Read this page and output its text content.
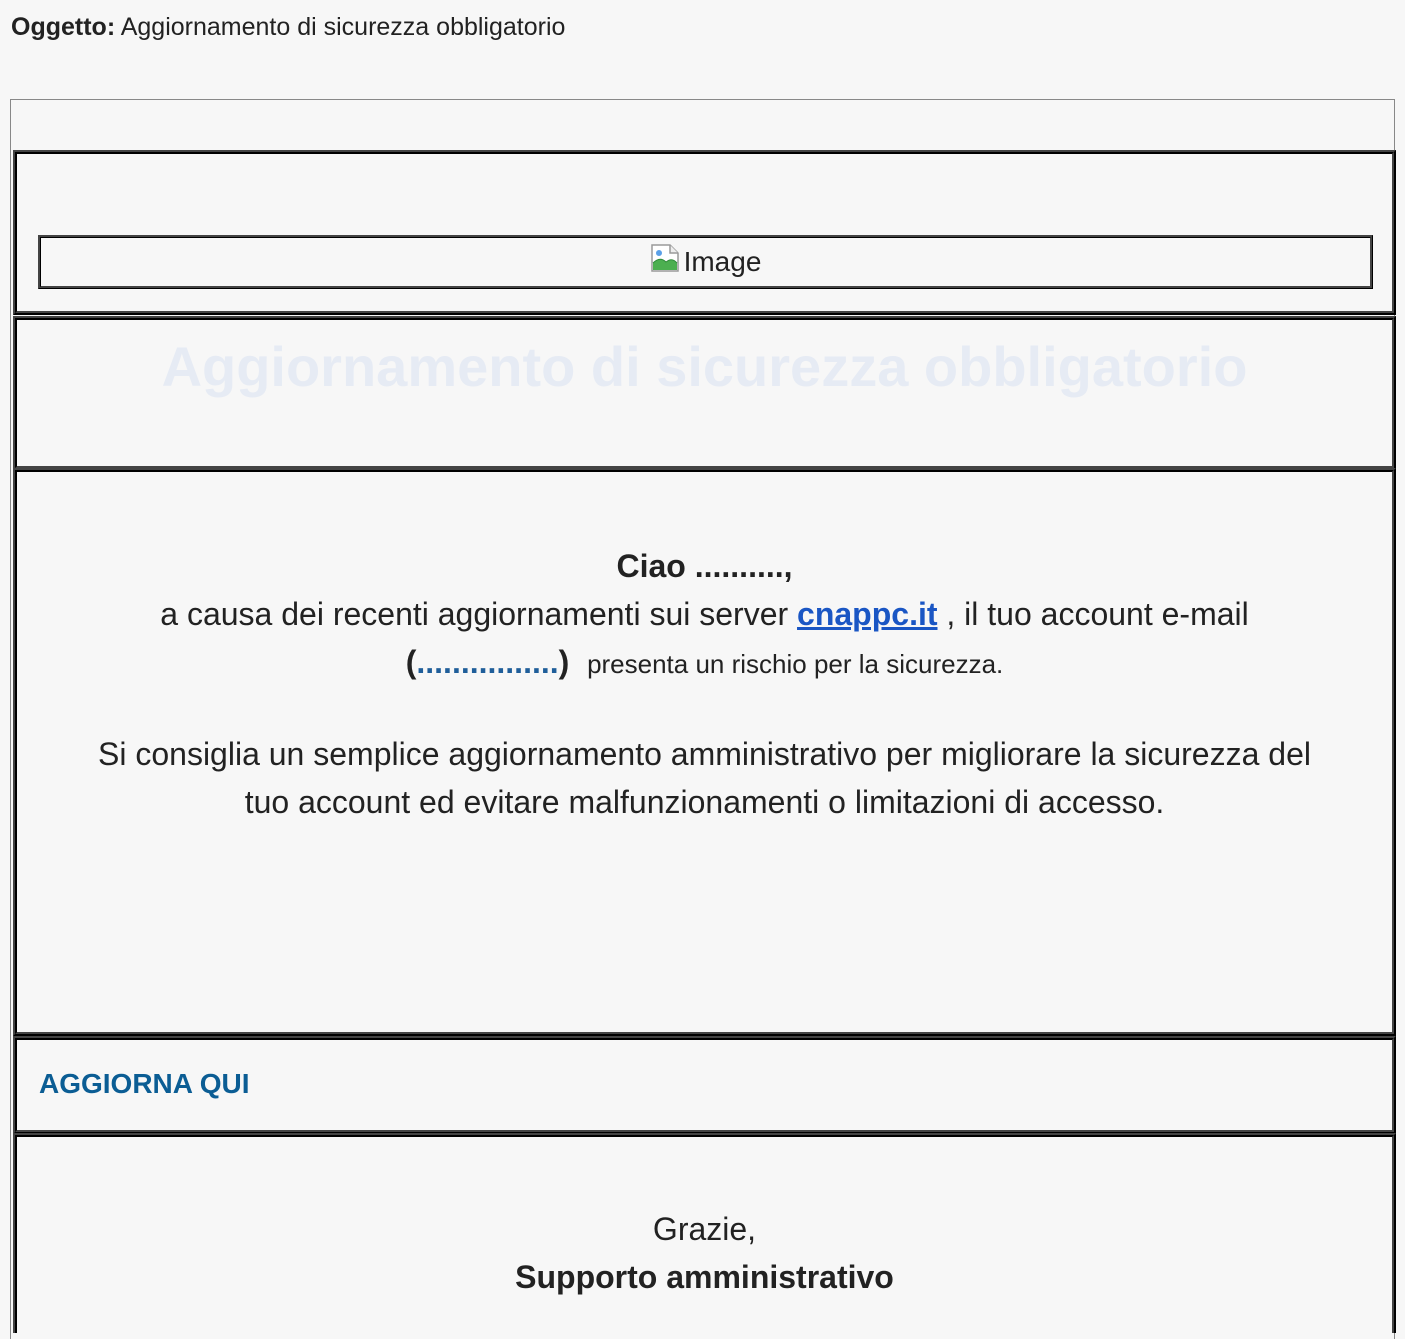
Oggetto: Aggiornamento di sicurezza obbligatorio
Image
Aggiornamento di sicurezza obbligatorio
Ciao ..........,
a causa dei recenti aggiornamenti sui server cnappc.it , il tuo account e-mail (................) presenta un rischio per la sicurezza.
Si consiglia un semplice aggiornamento amministrativo per migliorare la sicurezza del tuo account ed evitare malfunzionamenti o limitazioni di accesso.
AGGIORNA QUI
Grazie,
Supporto amministrativo
